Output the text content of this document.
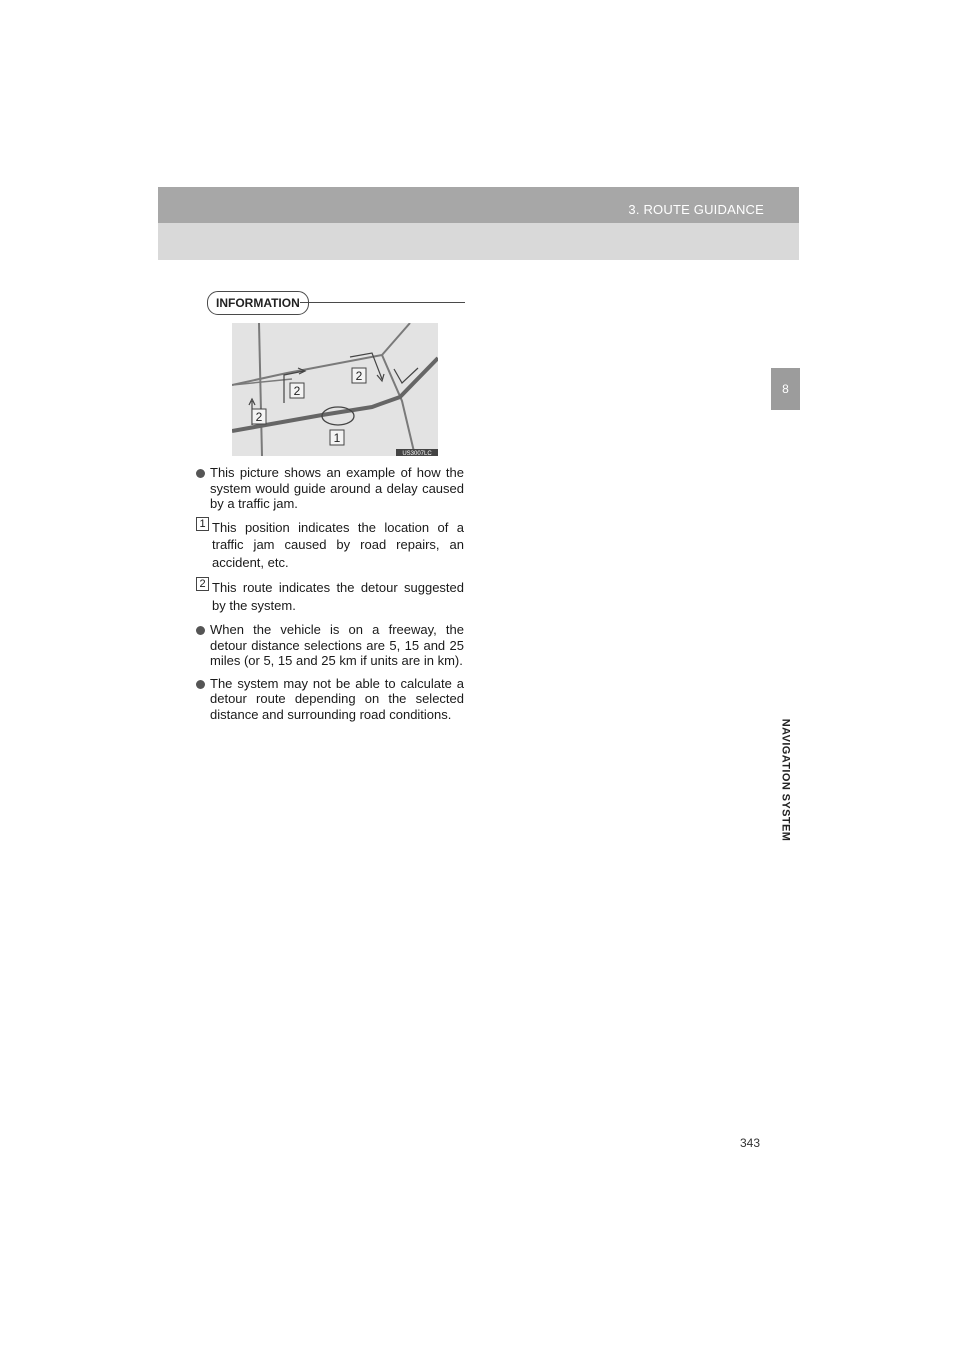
3. ROUTE GUIDANCE
8
NAVIGATION SYSTEM
INFORMATION
2
2
2
1
US3007LC

This picture shows an example of how the system would guide around a delay caused by a traffic jam.

1 This position indicates the location of a traffic jam caused by road repairs, an accident, etc.

2 This route indicates the detour suggested by the system.

When the vehicle is on a freeway, the detour distance selections are 5, 15 and 25 miles (or 5, 15 and 25 km if units are in km).

The system may not be able to calculate a detour route depending on the selected distance and surrounding road conditions.

343
